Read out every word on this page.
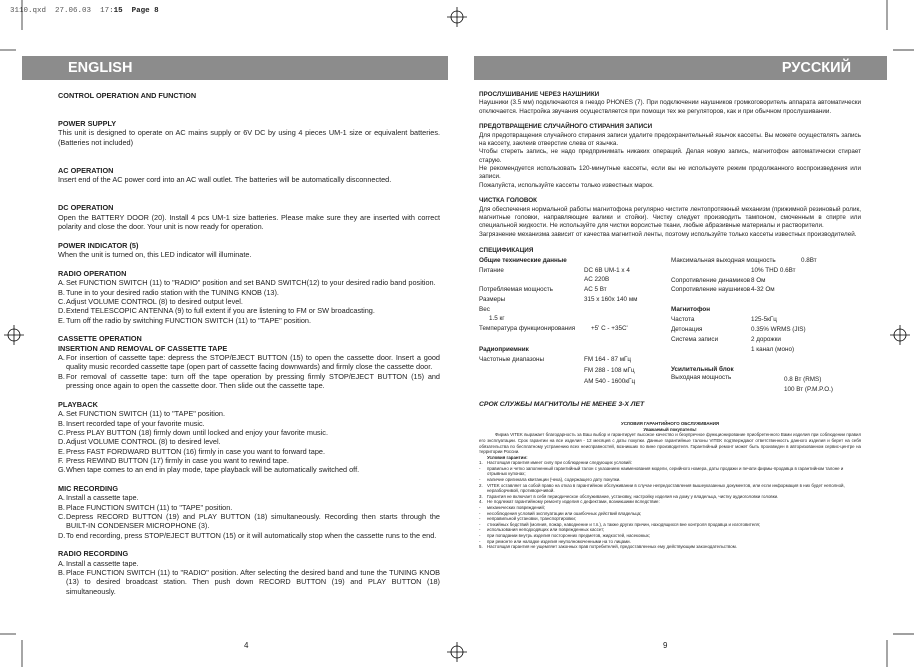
3110.qxd 27.06.03 17:15 Page 8
ENGLISH	РУССКИЙ
CONTROL OPERATION AND FUNCTION
POWER SUPPLY

This unit is designed to operate on AC mains supply or 6V DC by using 4 pieces UM-1 size or equivalent batteries. (Batteries not included)

AC OPERATION

Insert end of the AC power cord into an AC wall outlet. The batteries will be automatically disconnected.

DC OPERATION

Open the BATTERY DOOR (20). Install 4 pcs UM-1 size batteries. Please make sure they are inserted with correct polarity and close the door. Your unit is now ready for operation.

POWER INDICATOR (5)

When the unit is turned on, this LED indicator will illuminate.

RADIO OPERATION
A. Set FUNCTION SWITCH (11) to "RADIO" position and set BAND SWITCH(12) to your desired radio band position.
B. Tune in to your desired radio station with the TUNING KNOB (13).
C. Adjust VOLUME CONTROL (8) to desired output level.
D. Extend TELESCOPIC ANTENNA (9) to full extent if you are listening to FM or SW broadcasting.
E. Turn off the radio by switching FUNCTION SWITCH (11) to "TAPE" position.
CASSETTE OPERATION
INSERTION AND REMOVAL OF CASSETTE TAPE
A. For insertion of cassette tape: depress the STOP/EJECT BUTTON (15) to open the cassette door. Insert a good quality music recorded cassette tape (open part of cassette facing downwards) and firmly close the cassette door.
B. For removal of cassette tape: turn off the tape operation by pressing firmly STOP/EJECT BUTTON (15) and pressing once again to open the cassette door. Then slide out the cassette tape.
PLAYBACK
A. Set FUNCTION SWITCH (11) to "TAPE" position.
B. Insert recorded tape of your favorite music.
C. Press PLAY BUTTON (18) firmly down until locked and enjoy your favorite music.
D. Adjust VOLUME CONTROL (8) to desired level.
E. Press FAST FORDWARD BUTTON (16) firmly in case you want to forward tape.
F. Press REWIND BUTTON (17) firmly in case you want to rewind tape.
G. When tape comes to an end in play mode, tape playback will be automatically switched off.
MIC RECORDING
A. Install a cassette tape.
B. Place FUNCTION SWITCH (11) to "TAPE" position.
C. Depress RECORD BUTTON (19) and PLAY BUTTON (18) simultaneously. Recording then starts through the BUILT-IN CONDENSER MICROPHONE (3).
D. To end recording, press STOP/EJECT BUTTON (15) or it will automatically stop when the cassette runs to the end.
RADIO RECORDING
A. Install a cassette tape.
B. Place FUNCTION SWITCH (11) to "RADIO" position. After selecting the desired band and tune the TUNING KNOB (13) to desired broadcast station. Then push down RECORD BUTTON (19) and PLAY BUTTON (18) simultaneously.
ПРОСЛУШИВАНИЕ ЧЕРЕЗ НАУШНИКИ

Наушники (3.5 мм) подключаются в гнездо PHONES (7). При подключении наушников громкоговоритель аппарата автоматически отключается. Настройка звучания осуществляется при помощи тех же регуляторов, как и при обычном прослушивании.

ПРЕДОТВРАЩЕНИЕ СЛУЧАЙНОГО СТИРАНИЯ ЗАПИСИ

Для предотвращения случайного стирания записи удалите предохранительный язычок кассеты. Вы можете осуществлять запись на кассету, заклеив отверстие слева от язычка.

Чтобы стереть запись, не надо предпринимать никаких операций. Делая новую запись, магнитофон автоматически стирает старую.

Не рекомендуется использовать 120-минутные кассеты, если вы не используете режим продолжанного воспроизведения или записи.

Пожалуйста, используйте кассеты только известных марок.

ЧИСТКА ГОЛОВОК

Для обеспечения нормальной работы магнитофона регулярно чистите лентопротяжный механизм (прижимной резиновый ролик, магнитные головки, направляющие валики и стойки). Чистку следует производить тампоном, смоченным в спирте или специальной жидкости. Не используйте для чистки ворсистые ткани, любые абразивные материалы и растворители.

Загрязнение механизма зависит от качества магнитной ленты, поэтому используйте только кассеты известных производителей.

СПЕЦИФИКАЦИЯ
Общие технические данные
Питание	DC 6В UM-1 х 4
AC 220В
Потребляемая мощность	AC 5 Вт
Размеры	315 х 160х 140 мм
Вес
1.5 кг
Температура функционирования	+5' C - +35C'
Радиоприемник
Частотные диапазоны	FM 164 - 87 мГц
FM 288 - 108 мГц
AM 540 - 1600кГц
Максимальная выходная мощность	0.8Вт
10% THD 0.6Вт
Сопротивление динамиков 8 Ом
Сопротивление наушников 4-32 Ом
Магнитофон
Частота	125-5кГц
Детонация	0.35% WRMS (JIS)
Система записи	2 дорожки
1 канал (моно)
Усилительный блок
Выходная мощность	0.8 Вт (RMS)
100 Вт (P.M.P.O.)
СРОК СЛУЖБЫ МАГНИТОЛЫ НЕ МЕНЕЕ 3-Х ЛЕТ
УСЛОВИЯ ГАРАНТИЙНОГО ОБСЛУЖИВАНИЯ
Уважаемый покупатель!

Фирма VITEK выражает благодарность за Ваш выбор и гарантирует высокое качество и безупречное функционирование приобретенного Вами изделия при соблюдении правил его эксплуатации. Срок гарантии на все изделия - 12 месяцев с даты покупки. Данные гарантийные талоны VITEK подтверждают ответственность данного изделия и берет на себя обязательства по бесплатному устранению всех неисправностей, возникших по вине производителя. Гарантийный ремонт может быть произведен в авторизованном сервис-центре на территории России.

Условия гарантии:
1. Настоящая гарантия имеет силу при соблюдении следующих условий:
-	правильно и четко заполненный гарантийный талон с указанием наименования модели, серийного номера, даты продажи и печати фирмы-продавца в гарантийном талоне и отрывных купонах;
-	наличие оригинала квитанции (чека), содержащего дату покупки.
2. VITEK оставляет за собой право на отказ в гарантийном обслуживании в случае непредоставления вышеуказанных документов, или если информация в них будет неполной, неразборчивой, противоречивой.
3. Гарантия не включает в себя периодическое обслуживание, установку, настройку изделия на дому у владельца, чистку аудиоголовки головки.
4. Не подлежат гарантийному ремонту изделия с дефектами, возникшими вследствие:
-	механических повреждений;
-	несоблюдения условий эксплуатации или ошибочных действий владельца;
-	неправильной установки, транспортировки;
-	стихийных бедствий (молния, пожар, наводнение и т.п.), а также других причин, находящихся вне контроля продавца и изготовителя;
-	использования неподходящих или поврежденных кассет;
-	при попадании внутрь изделия посторонних предметов, жидкостей, насекомых;
-	при ремонте или наладке изделия неуполномоченными на то лицами.
5. Настоящая гарантия не ущемляет законных прав потребителей, предоставленных ему действующим законодательством.
4	9
